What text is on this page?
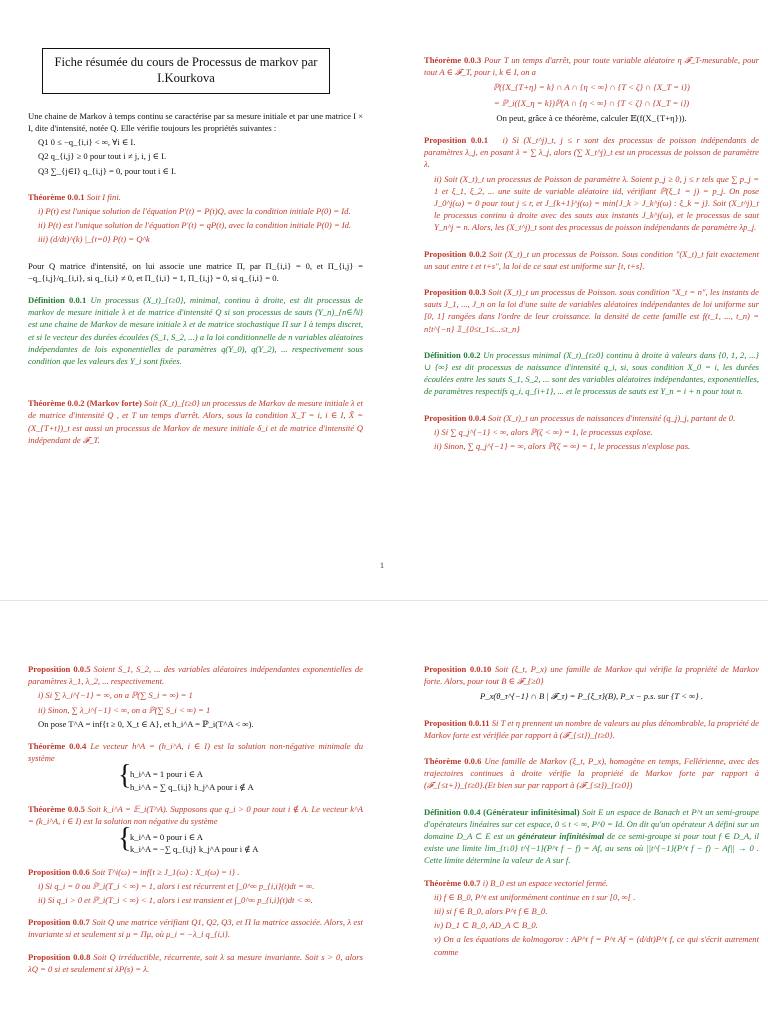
Fiche résumée du cours de Processus de markov par I.Kourkova
Une chaine de Markov à temps continu se caractérise par sa mesure initiale et par une matrice I × I, dite d'intensité, notée Q. Elle vérifie toujours les propriétés suivantes :
Q1 0 ≤ −q_{i,i} < ∞, ∀i ∈ I.
Q2 q_{i,j} ≥ 0 pour tout i ≠ j, i, j ∈ I.
Q3 ∑_{j∈I} q_{i,j} = 0, pour tout i ∈ I.
Théorème 0.0.1 Soit I fini.
i) P(t) est l'unique solution de l'équation P′(t) = P(t)Q, avec la condition initiale P(0) = Id.
ii) P(t) est l'unique solution de l'équation P′(t) = qP(t), avec la condition initiale P(0) = Id.
iii) (d/dt)^(k) |_{t=0} P(t) = Q^k
Pour Q matrice d'intensité, on lui associe une matrice Π, par Π_{i,i} = 0, et Π_{i,j} = −q_{i,j}/q_{i,i}, si q_{i,i} ≠ 0, et Π_{i,i} = 1, Π_{i,j} = 0, si q_{i,i} = 0.
Définition 0.0.1 Un processus (X_t)_{t≥0}, minimal, continu à droite, est dit processus de markov de mesure initiale λ et de matrice d'intensité Q si son processus de sauts (Y_n)_{n∈ℕ} est une chaine de Markov de mesure initiale λ et de matrice stochastique Π sur I à temps discret, et si le vecteur des durées écoulées (S_1, S_2, ...) a la loi conditionnelle de n variables aléatoires indépendantes de lois exponentielles de paramètres q(Y_0), q(Y_2), ... respectivement sous condition que les valeurs des Y_i sont fixées.
Théorème 0.0.2 (Markov forte) Soit (X_t)_{t≥0} un processus de Markov de mesure initiale λ et de matrice d'intensité Q , et T un temps d'arrêt. Alors, sous la condition X_T = i, i ∈ I, X̃ = (X_{T+t})_t est aussi un processus de Markov de mesure initiale δ_i et de matrice d'intensité Q indépendant de 𝓕_T.
Théorème 0.0.3 Pour T un temps d'arrêt, pour toute variable aléatoire η 𝓕_T-mesurable, pour tout A ∈ 𝓕_T, pour i, k ∈ I, on a
ℙ({X_{T+η} = k} ∩ A ∩ {η < ∞} ∩ {T < ζ} ∩ {X_T = i})
= ℙ_i({X_η = k})ℙ(A ∩ {η < ∞} ∩ {T < ζ} ∩ {X_T = i})
On peut, grâce à ce théorème, calculer 𝔼(f(X_{T+η})).
Proposition 0.0.1 i) Si (X_t^j)_t, j ≤ r sont des processus de poisson indépendants de paramètres λ_j, en posant λ = ∑ λ_j, alors (∑ X_t^j)_t est un processus de poisson de paramètre λ.
ii) Soit (X_t)_t un processus de Poisson de paramètre λ. Soient p_j ≥ 0, j ≤ r tels que ∑ p_j = 1 et ξ_1, ξ_2, ... une suite de variable aléatoire iid, vérifiant ℙ(ξ_1 = j) = p_j. On pose J_0^j(ω) = 0 pour tout j ≤ r, et J_{k+1}^j(ω) = min{J_k > J_k^j(ω) : ξ_k = j}. Soit (X_t^j)_t le processus continu à droite avec des sauts aux instants J_k^j(ω), et le processus de saut Y_n^j = n. Alors, les (X_t^j)_t sont des processus de poisson indépendants de paramètre λp_j.
Proposition 0.0.2 Soit (X_t)_t un processus de Poisson. Sous condition "(X_t)_t fait exactement un saut entre t et t+s", la loi de ce saut est uniforme sur [t, t+s].
Proposition 0.0.3 Soit (X_t)_t un processus de Poisson. sous condition "X_t = n", les instants de sauts J_1, ..., J_n on la loi d'une suite de variables aléatoires indépendantes de loi uniforme sur [0, 1] rangées dans l'ordre de leur croissance. la densité de cette famille est f(t_1, ..., t_n) = n!t^{−n} 𝟙_{0≤t_1≤...≤t_n}
Définition 0.0.2 Un processus minimal (X_t)_{t≥0} continu à droite à valeurs dans {0, 1, 2, ...} ∪ {∞} est dit processus de naissance d'intensité q_i, si, sous condition X_0 = i, les durées écoulées entre les sauts S_1, S_2, ... sont des variables aléatoires indépendantes, exponentielles, de paramètres respectifs q_i, q_{i+1}, ... et le processus de sauts est Y_n = i + n pour tout n.
Proposition 0.0.4 Soit (X_t)_t un processus de naissances d'intensité (q_j)_j, partant de 0.
i) Si ∑ q_j^{−1} < ∞, alors ℙ(ζ < ∞) = 1, le processus explose.
ii) Sinon, ∑ q_j^{−1} = ∞, alors ℙ(ζ = ∞) = 1, le processus n'explose pas.
1
Proposition 0.0.5 Soient S_1, S_2, ... des variables aléatoires indépendantes exponentielles de paramètres λ_1, λ_2, ... respectivement.
i) Si ∑ λ_i^{−1} = ∞, on a ℙ(∑ S_i = ∞) = 1
ii) Sinon, ∑ λ_i^{−1} < ∞, on a ℙ(∑ S_i < ∞) = 1
On pose T^A = inf{t ≥ 0, X_t ∈ A}, et h_i^A = ℙ_i(T^A < ∞).
Théorème 0.0.4 Le vecteur h^A = (h_i^A, i ∈ I) est la solution non-négative minimale du système
{ h_i^A = 1 pour i ∈ A
h_i^A = ∑ q_{i,j} h_j^A pour i ∉ A
Théorème 0.0.5 Soit k_i^A = 𝔼_i(T^A). Supposons que q_i > 0 pour tout i ∉ A. Le vecteur k^A = (k_i^A, i ∈ I) est la solution non négative du système
{ k_i^A = 0 pour i ∈ A
k_i^A = −∑ q_{i,j} k_j^A pour i ∉ A
Proposition 0.0.6 Soit T^i(ω) = inf{t ≥ J_1(ω) : X_t(ω) = i} .
i) Si q_i = 0 ou ℙ_i(T_i < ∞) = 1, alors i est récurrent et ∫_0^∞ p_{i,i}(t)dt = ∞.
ii) Si q_i > 0 et ℙ_i(T_i < ∞) < 1, alors i est transient et ∫_0^∞ p_{i,i}(t)dt < ∞.
Proposition 0.0.7 Soit Q une matrice vérifiant Q1, Q2, Q3, et Π la matrice associée. Alors, λ est invariante si et seulement si μ = Πμ, où μ_i = −λ_i q_{i,i}.
Proposition 0.0.8 Soit Q irréductible, récurrente, soit λ sa mesure invariante. Soit s > 0, alors λQ = 0 si et seulement si λP(s) = λ.
Proposition 0.0.10 Soit (ξ_t, P_x) une famille de Markov qui vérifie la propriété de Markov forte. Alors, pour tout B ∈ 𝓕_{≥0}
P_x(θ_τ^{−1} ∩ B | 𝓕_τ) = P_{ξ_τ}(B), P_x − p.s. sur {T < ∞} .
Proposition 0.0.11 Si T et η prennent un nombre de valeurs au plus dénombrable, la propriété de Markov forte est vérifiée par rapport à (𝓕_{≤t})_{t≥0}.
Théorème 0.0.6 Une famille de Markov (ξ_t, P_x), homogène en temps, Fellérienne, avec des trajectoires continues à droite vérifie la propriété de Markov forte par rapport à (𝓕_{≤t+})_{t≥0}.(Et bien sur par rapport à (𝓕_{≤t})_{t≥0})
Définition 0.0.4 (Générateur infinitésimal) Soit E un espace de Banach et P^t un semi-groupe d'opérateurs linéaires sur cet espace, 0 ≤ t < ∞, P^0 = Id. On dit qu'un opérateur A défini sur un domaine D_A ⊂ E est un générateur infinitésimal de ce semi-groupe si pour tout f ∈ D_A, il existe une limite lim_{t↓0} t^{−1}(P^t f − f) = Af, au sens où ||t^{−1}(P^t f − f) − Af|| → 0 . Cette limite détermine la valeur de A sur f.
Théorème 0.0.7 i) B_0 est un espace vectoriel fermé.
ii) f ∈ B_0, P^t est uniformément continue en t sur [0, ∞[ .
iii) si f ∈ B_0, alors P^t f ∈ B_0.
iv) D_1 ⊂ B_0, AD_A ⊂ B_0.
v) On a les équations de kolmogorov : AP^t f = P^t Af = (d/dt)P^t f, ce qui s'écrit autrement comme
